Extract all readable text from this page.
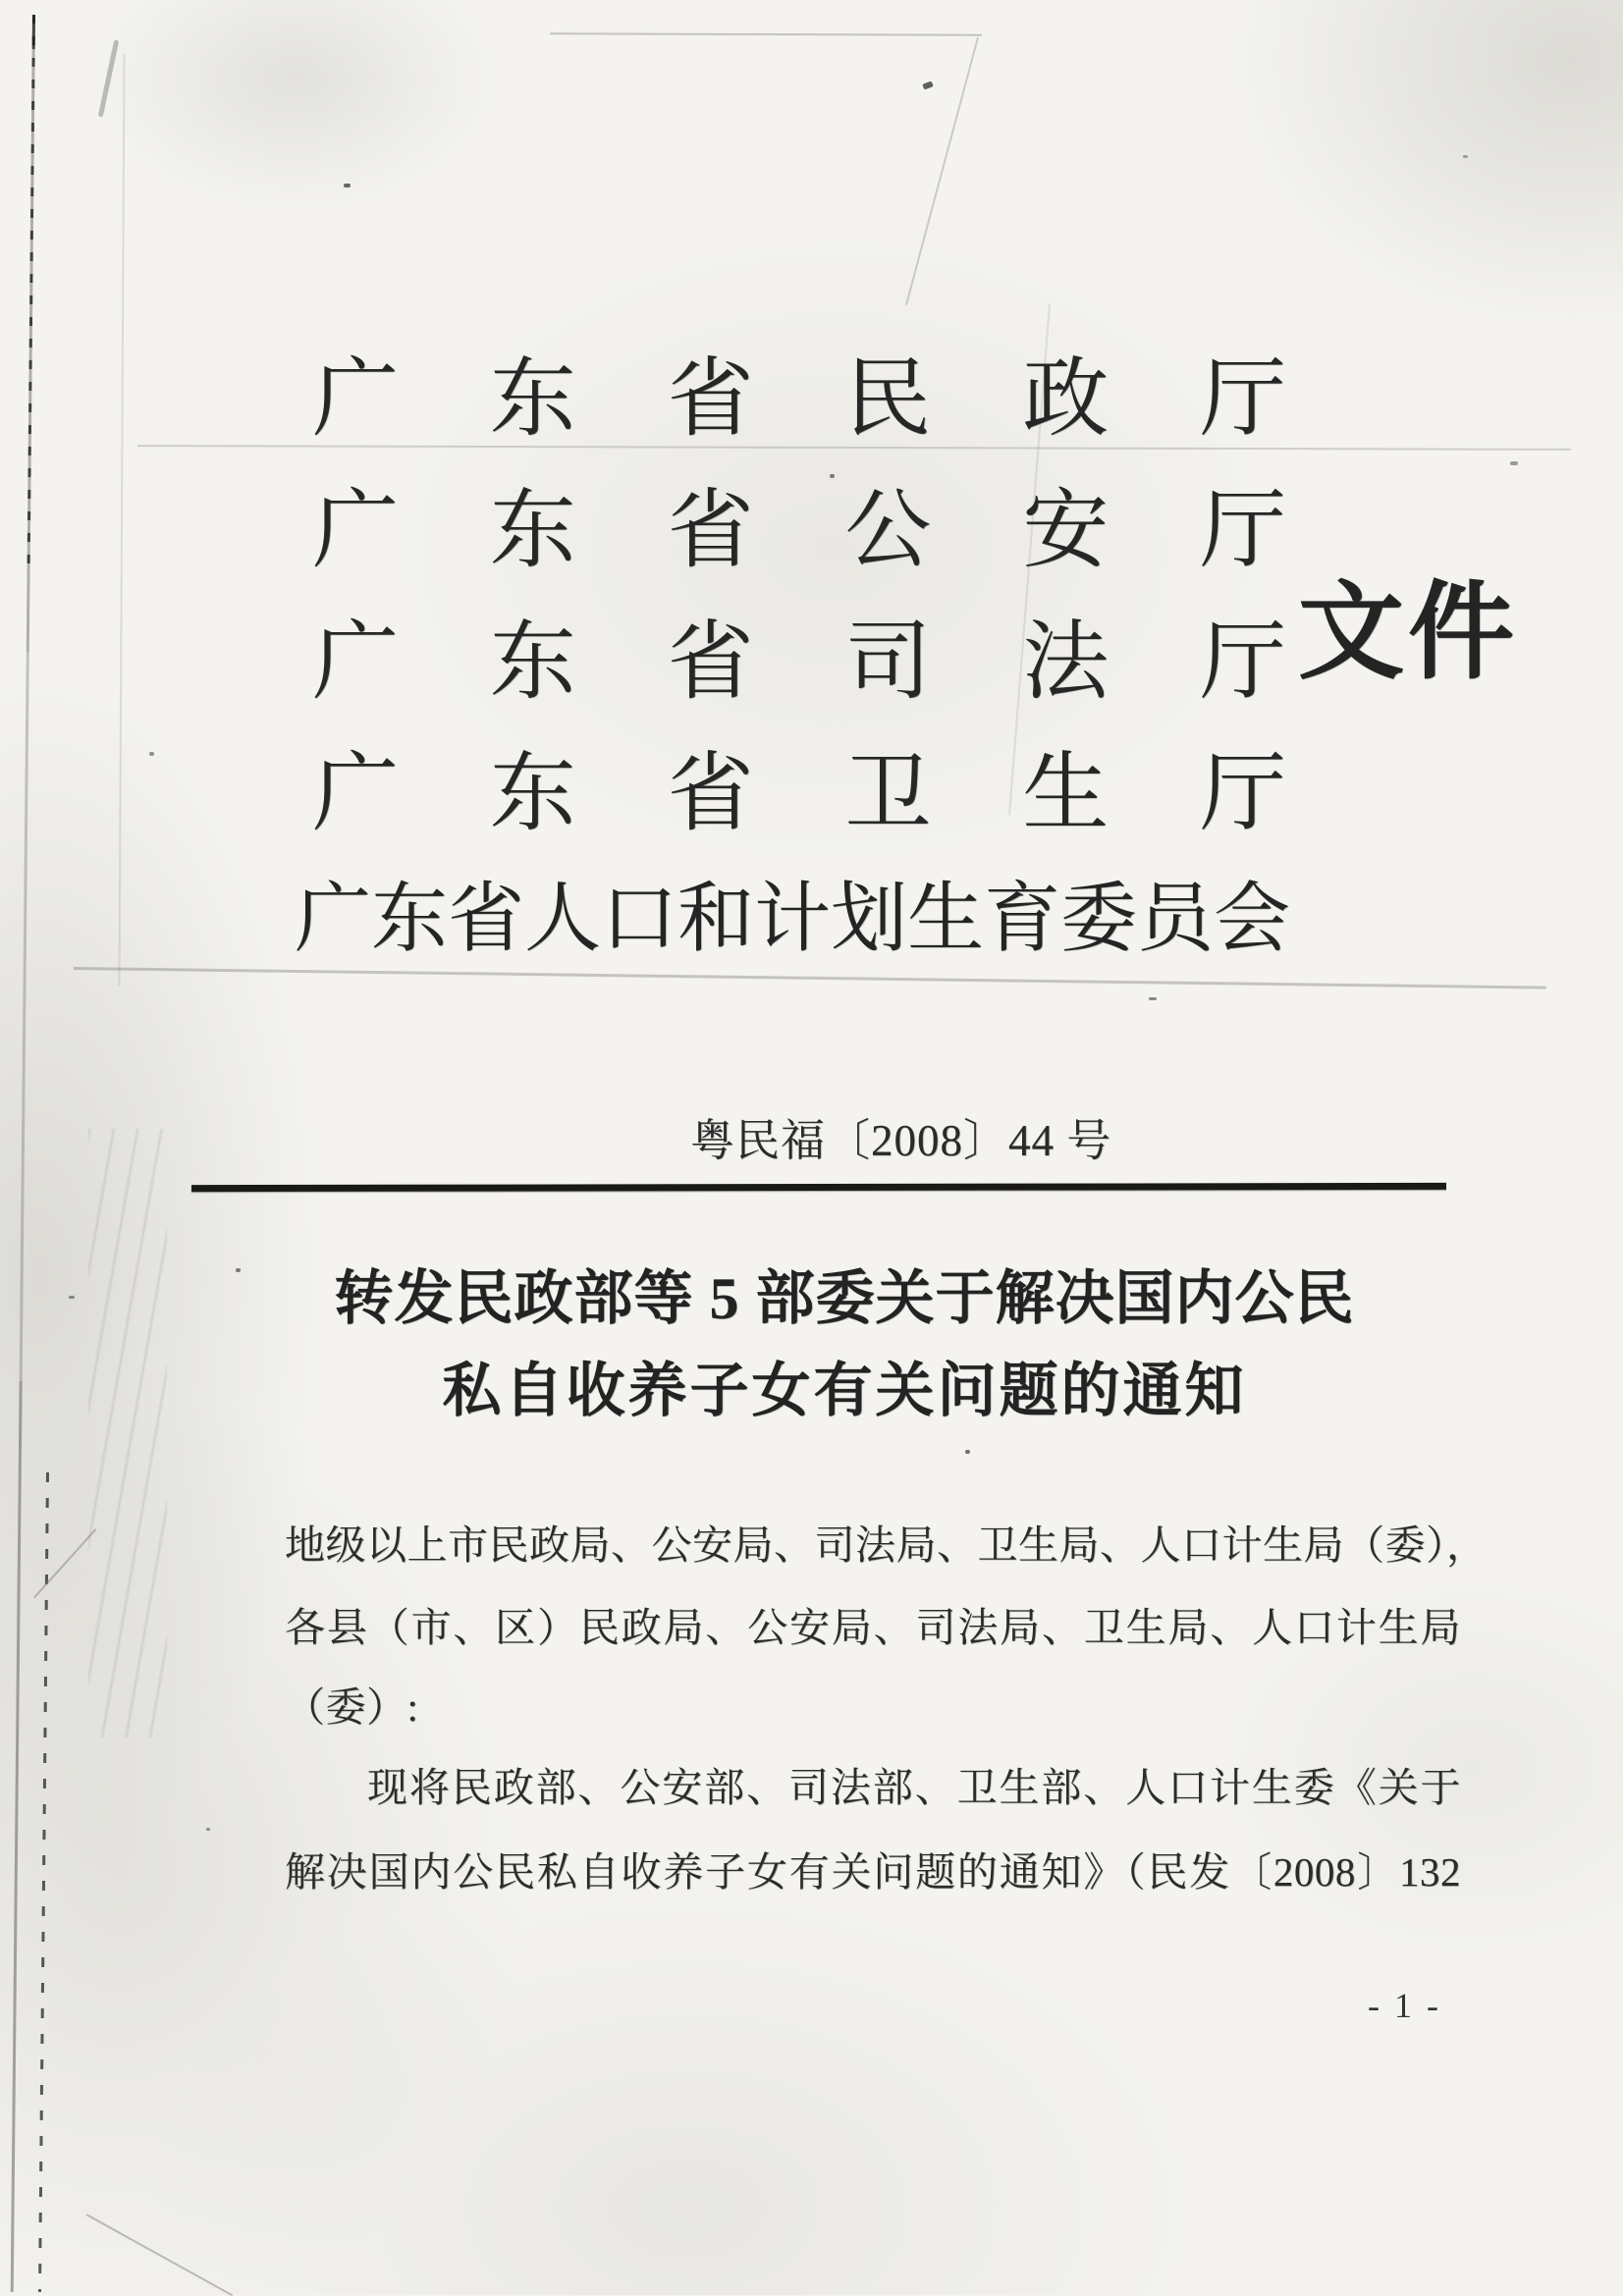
广东省民政厅
广东省公安厅
广东省司法厅
广东省卫生厅
广东省人口和计划生育委员会
文件
粤民福〔2008〕44 号
转发民政部等 5 部委关于解决国内公民
私自收养子女有关问题的通知
地级以上市民政局、公安局、司法局、卫生局、人口计生局（委），
各县（市、区）民政局、公安局、司法局、卫生局、人口计生局
（委）:
现将民政部、公安部、司法部、卫生部、人口计生委《关于
解决国内公民私自收养子女有关问题的通知》（民发〔2008〕132
- 1 -
